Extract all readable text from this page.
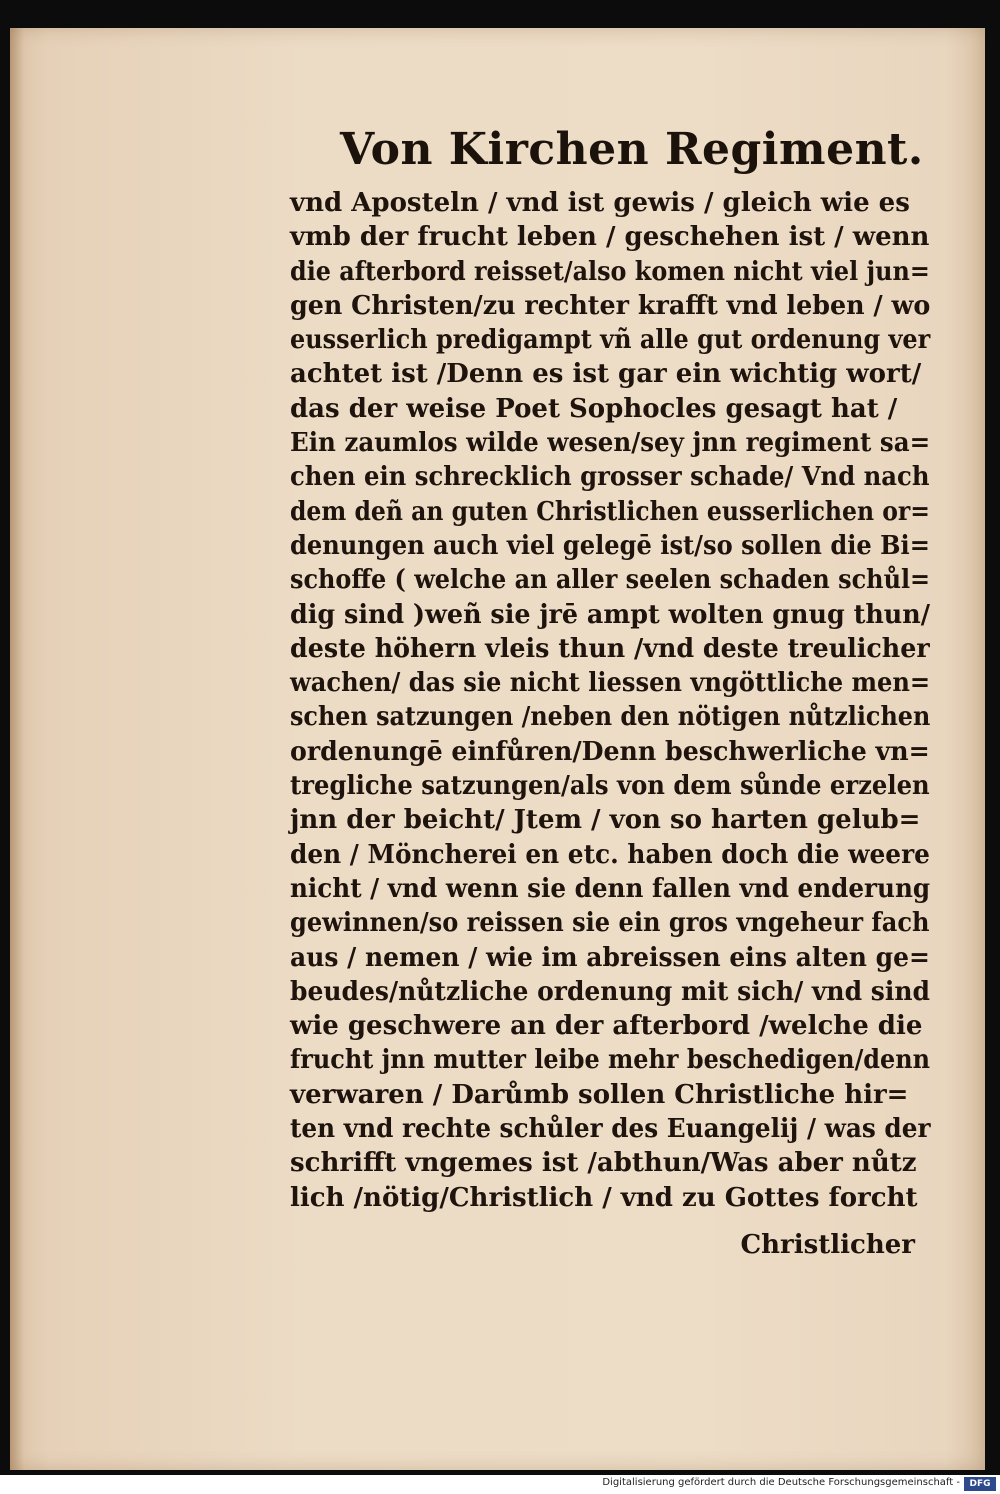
Von Kirchen Regiment.
vnd Aposteln / vnd ist gewis / gleich wie es
vmb der frucht leben / geschehen ist / wenn
die afterbord reisset/also komen nicht viel jun=
gen Christen/zu rechter krafft vnd leben / wo
eusserlich predigampt vñ alle gut ordenung ver
achtet ist /Denn es ist gar ein wichtig wort/
das der weise Poet Sophocles gesagt hat /
Ein zaumlos wilde wesen/sey jnn regiment sa=
chen ein schrecklich grosser schade/ Vnd nach
dem deñ an guten Christlichen eusserlichen or=
denungen auch viel gelegē ist/so sollen die Bi=
schoffe ( welche an aller seelen schaden schůl=
dig sind )weñ sie jrē ampt wolten gnug thun/
deste höhern vleis thun /vnd deste treulicher
wachen/ das sie nicht liessen vngöttliche men=
schen satzungen /neben den nötigen nůtzlichen
ordenungē einfůren/Denn beschwerliche vn=
tregliche satzungen/als von dem sůnde erzelen
jnn der beicht/ Jtem / von so harten gelub=
den / Möncherei en etc. haben doch die weere
nicht / vnd wenn sie denn fallen vnd enderung
gewinnen/so reissen sie ein gros vngeheur fach
aus / nemen / wie im abreissen eins alten ge=
beudes/nůtzliche ordenung mit sich/ vnd sind
wie geschwere an der afterbord /welche die
frucht jnn mutter leibe mehr beschedigen/denn
verwaren / Darůmb sollen Christliche hir=
ten vnd rechte schůler des Euangelij / was der
schrifft vngemes ist /abthun/Was aber nůtz
lich /nötig/Christlich / vnd zu Gottes forcht
Christlicher
Digitalisierung gefördert durch die Deutsche Forschungsgemeinschaft -	DFG
